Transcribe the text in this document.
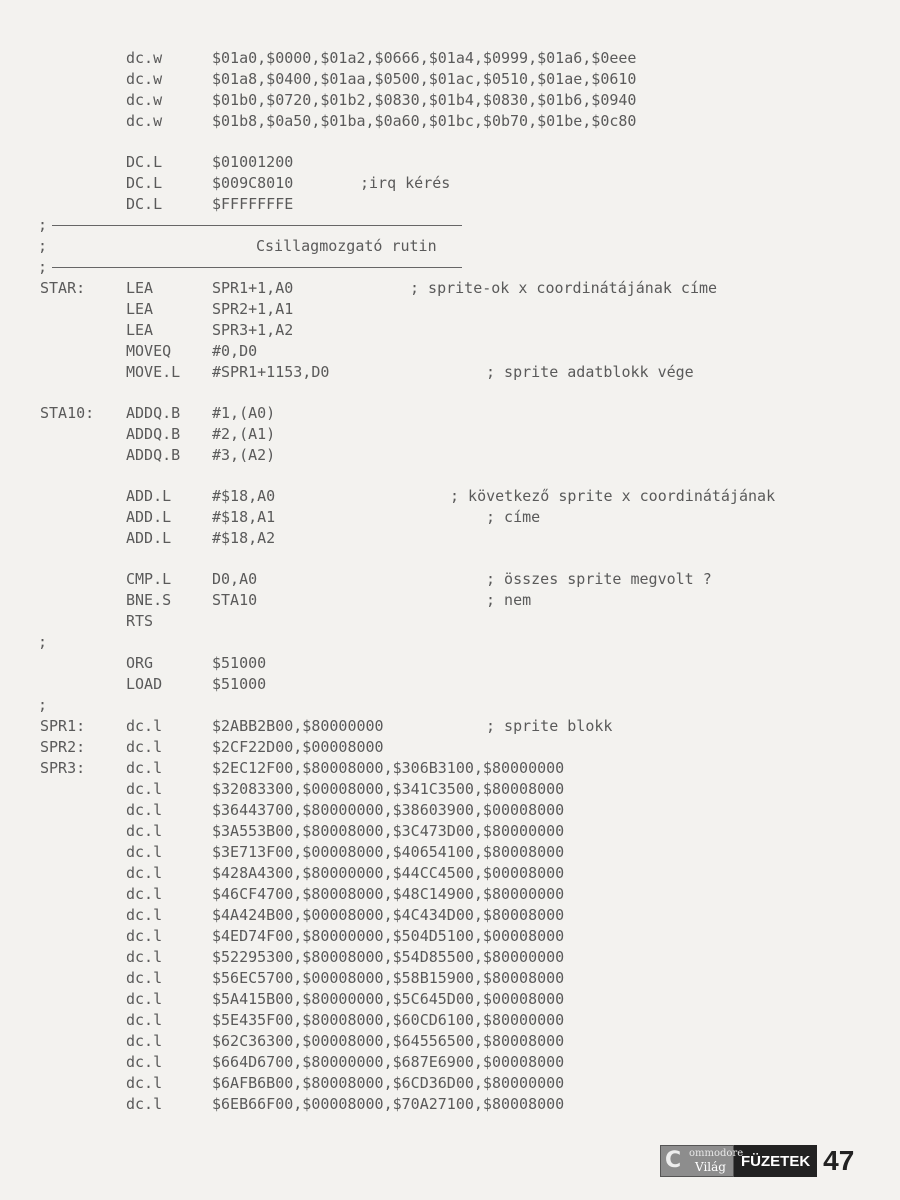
dc.w	$01a0,$0000,$01a2,$0666,$01a4,$0999,$01a6,$0eee
dc.w	$01a8,$0400,$01aa,$0500,$01ac,$0510,$01ae,$0610
dc.w	$01b0,$0720,$01b2,$0830,$01b4,$0830,$01b6,$0940
dc.w	$01b8,$0a50,$01ba,$0a60,$01bc,$0b70,$01be,$0c80
DC.L	$01001200
DC.L	$009C8010	;irq kérés
DC.L	$FFFFFFFE
;
;	Csillagmozgató rutin
;
STAR:	LEA	SPR1+1,A0	; sprite-ok x coordinátájának címe
LEA	SPR2+1,A1
LEA	SPR3+1,A2
MOVEQ	#0,D0
MOVE.L #SPR1+1153,D0	; sprite adatblokk vége
STA10: ADDQ.B #1,(A0)
ADDQ.B #2,(A1)
ADDQ.B #3,(A2)
ADD.L	#$18,A0	; következő sprite x coordinátájának
ADD.L	#$18,A1	; címe
ADD.L	#$18,A2
CMP.L	D0,A0	; összes sprite megvolt ?
BNE.S	STA10	; nem
RTS
;
ORG	$51000
LOAD	$51000
;
SPR1:	dc.l	$2ABB2B00,$80000000	; sprite blokk
SPR2:	dc.l	$2CF22D00,$00008000
SPR3:	dc.l	$2EC12F00,$80008000,$306B3100,$80000000
dc.l	$32083300,$00008000,$341C3500,$80008000
dc.l	$36443700,$80000000,$38603900,$00008000
dc.l	$3A553B00,$80008000,$3C473D00,$80000000
dc.l	$3E713F00,$00008000,$40654100,$80008000
dc.l	$428A4300,$80000000,$44CC4500,$00008000
dc.l	$46CF4700,$80008000,$48C14900,$80000000
dc.l	$4A424B00,$00008000,$4C434D00,$80008000
dc.l	$4ED74F00,$80000000,$504D5100,$00008000
dc.l	$52295300,$80008000,$54D85500,$80000000
dc.l	$56EC5700,$00008000,$58B15900,$80008000
dc.l	$5A415B00,$80000000,$5C645D00,$00008000
dc.l	$5E435F00,$80008000,$60CD6100,$80000000
dc.l	$62C36300,$00008000,$64556500,$80008000
dc.l	$664D6700,$80000000,$687E6900,$00008000
dc.l	$6AFB6B00,$80008000,$6CD36D00,$80000000
dc.l	$6EB66F00,$00008000,$70A27100,$80008000
C ommodore
Világ	FÜZETEK 47
